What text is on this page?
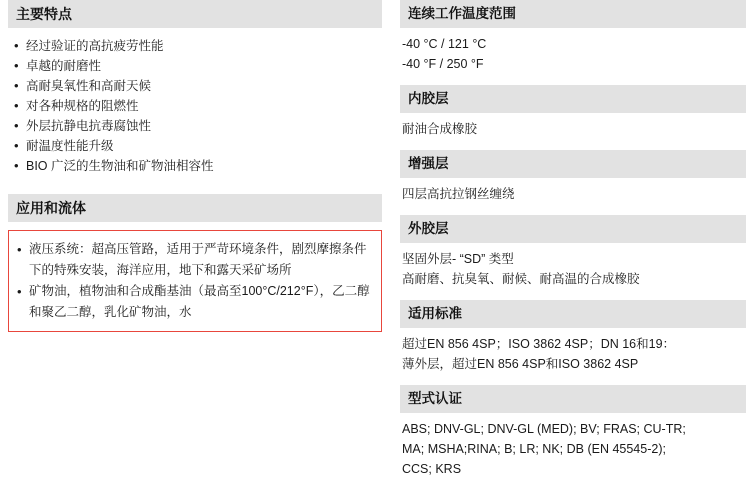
主要特点
• 经过验证的高抗疲劳性能
• 卓越的耐磨性
• 高耐臭氧性和高耐天候
• 对各种规格的阻燃性
• 外层抗静电抗毒腐蚀性
• 耐温度性能升级
• BIO 广泛的生物油和矿物油相容性
应用和流体
• 液压系统：超高压管路，适用于严苛环境条件，剧烈摩擦条件下的特殊安装，海洋应用，地下和露天采矿场所
• 矿物油，植物油和合成酯基油（最高至100°C/212°F），乙二醇和聚乙二醇，乳化矿物油，水
连续工作温度范围
-40 °C / 121 °C
-40 °F / 250 °F
内胶层
耐油合成橡胶
增强层
四层高抗拉钢丝缠绕
外胶层
坚固外层- “SD” 类型
高耐磨、抗臭氧、耐候、耐高温的合成橡胶
适用标准
超过EN 856 4SP；ISO 3862 4SP；DN 16和19：
薄外层，超过EN 856 4SP和ISO 3862 4SP
型式认证
ABS; DNV-GL; DNV-GL (MED); BV; FRAS; CU-TR;
MA; MSHA;RINA; B; LR; NK; DB (EN 45545-2);
CCS; KRS
